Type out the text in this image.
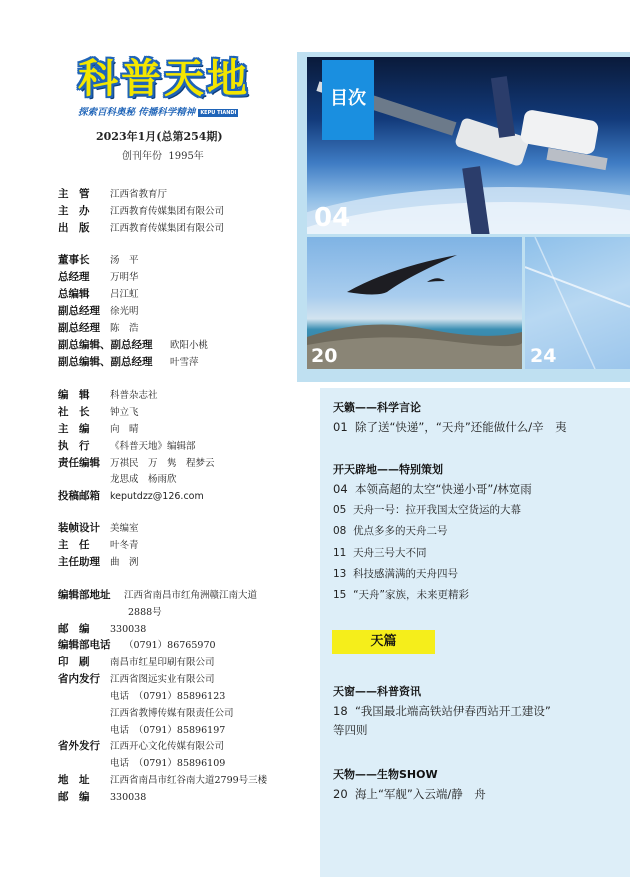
科普天地
探索百科奥秘 传播科学精神 KEPU TIANDI
2023年1月(总第254期)
创刊年份 1995年
主　管 江西省教育厅
主　办 江西教育传媒集团有限公司
出　版 江西教育传媒集团有限公司
董事长 汤　平
总经理 万明华
总编辑 吕江虹
副总经理 徐光明
副总经理 陈　浩
副总编辑、副总经理 欧阳小桃
副总编辑、副总经理 叶雪萍
编　辑 科普杂志社
社　长 钟立飞
主　编 向　晴
执　行 《科普天地》编辑部
责任编辑 万祺民　万　隽　程梦云
龙思成　杨雨欣
投稿邮箱 keputdzz@126.com
装帧设计 美编室
主　任 叶冬青
主任助理 曲　洌
编辑部地址 江西省南昌市红角洲赣江南大道
2888号
邮　编 330038
编辑部电话 （0791）86765970
印　刷 南昌市红星印刷有限公司
省内发行 江西省图远实业有限公司
电话　（0791）85896123
江西省教博传媒有限责任公司
电话　（0791）85896197
省外发行 江西开心文化传媒有限公司
电话　（0791）85896109
地　址 江西省南昌市红谷南大道2799号三楼
邮　编 330038
目次
04
20	24
天籁——科学言论
01 除了送“快递”，“天舟”还能做什么/辛　夷
开天辟地——特别策划
04 本领高超的太空“快递小哥”/林宽雨
05 天舟一号：拉开我国太空货运的大幕
08 优点多多的天舟二号
11 天舟三号大不同
13 科技感满满的天舟四号
15 “天舟”家族，未来更精彩
天篇
天窗——科普资讯
18 “我国最北端高铁站伊春西站开工建设”
等四则
天物——生物SHOW
20 海上“军舰”入云端/静　舟
